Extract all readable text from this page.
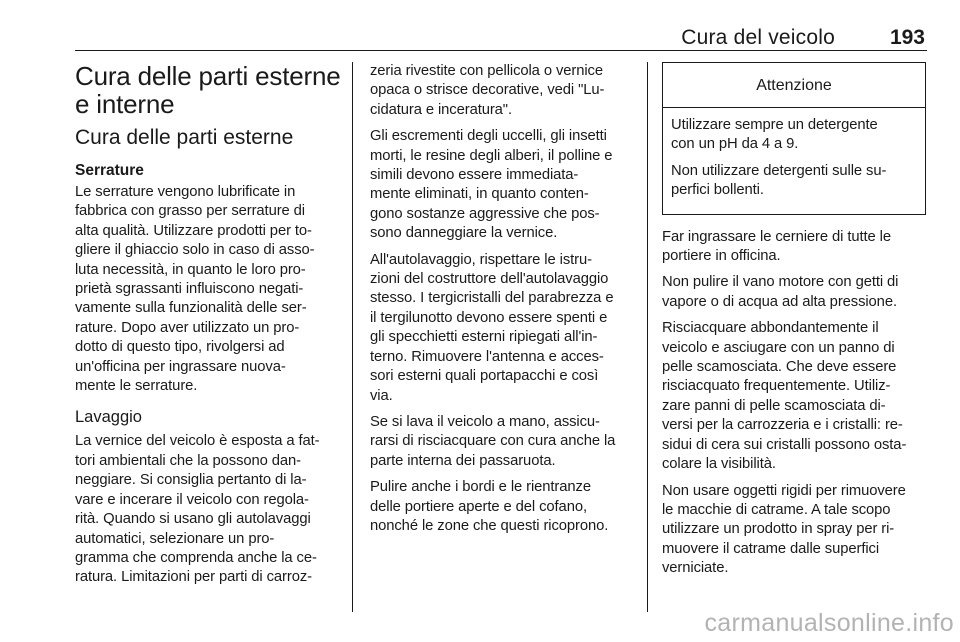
Cura del veicolo	193
Cura delle parti esterne
e interne
Cura delle parti esterne
Serrature
Le serrature vengono lubrificate in
fabbrica con grasso per serrature di
alta qualità. Utilizzare prodotti per to-
gliere il ghiaccio solo in caso di asso-
luta necessità, in quanto le loro pro-
prietà sgrassanti influiscono negati-
vamente sulla funzionalità delle ser-
rature. Dopo aver utilizzato un pro-
dotto di questo tipo, rivolgersi ad
un'officina per ingrassare nuova-
mente le serrature.
Lavaggio
La vernice del veicolo è esposta a fat-
tori ambientali che la possono dan-
neggiare. Si consiglia pertanto di la-
vare e incerare il veicolo con regola-
rità. Quando si usano gli autolavaggi
automatici, selezionare un pro-
gramma che comprenda anche la ce-
ratura. Limitazioni per parti di carroz-
zeria rivestite con pellicola o vernice
opaca o strisce decorative, vedi "Lu-
cidatura e inceratura".
Gli escrementi degli uccelli, gli insetti
morti, le resine degli alberi, il polline e
simili devono essere immediata-
mente eliminati, in quanto conten-
gono sostanze aggressive che pos-
sono danneggiare la vernice.
All'autolavaggio, rispettare le istru-
zioni del costruttore dell'autolavaggio
stesso. I tergicristalli del parabrezza e
il tergilunotto devono essere spenti e
gli specchietti esterni ripiegati all'in-
terno. Rimuovere l'antenna e acces-
sori esterni quali portapacchi e così
via.
Se si lava il veicolo a mano, assicu-
rarsi di risciacquare con cura anche la
parte interna dei passaruota.
Pulire anche i bordi e le rientranze
delle portiere aperte e del cofano,
nonché le zone che questi ricoprono.
Attenzione
Utilizzare sempre un detergente
con un pH da 4 a 9.
Non utilizzare detergenti sulle su-
perfici bollenti.
Far ingrassare le cerniere di tutte le
portiere in officina.
Non pulire il vano motore con getti di
vapore o di acqua ad alta pressione.
Risciacquare abbondantemente il
veicolo e asciugare con un panno di
pelle scamosciata. Che deve essere
risciacquato frequentemente. Utiliz-
zare panni di pelle scamosciata di-
versi per la carrozzeria e i cristalli: re-
sidui di cera sui cristalli possono osta-
colare la visibilità.
Non usare oggetti rigidi per rimuovere
le macchie di catrame. A tale scopo
utilizzare un prodotto in spray per ri-
muovere il catrame dalle superfici
verniciate.
carmanualsonline.info
